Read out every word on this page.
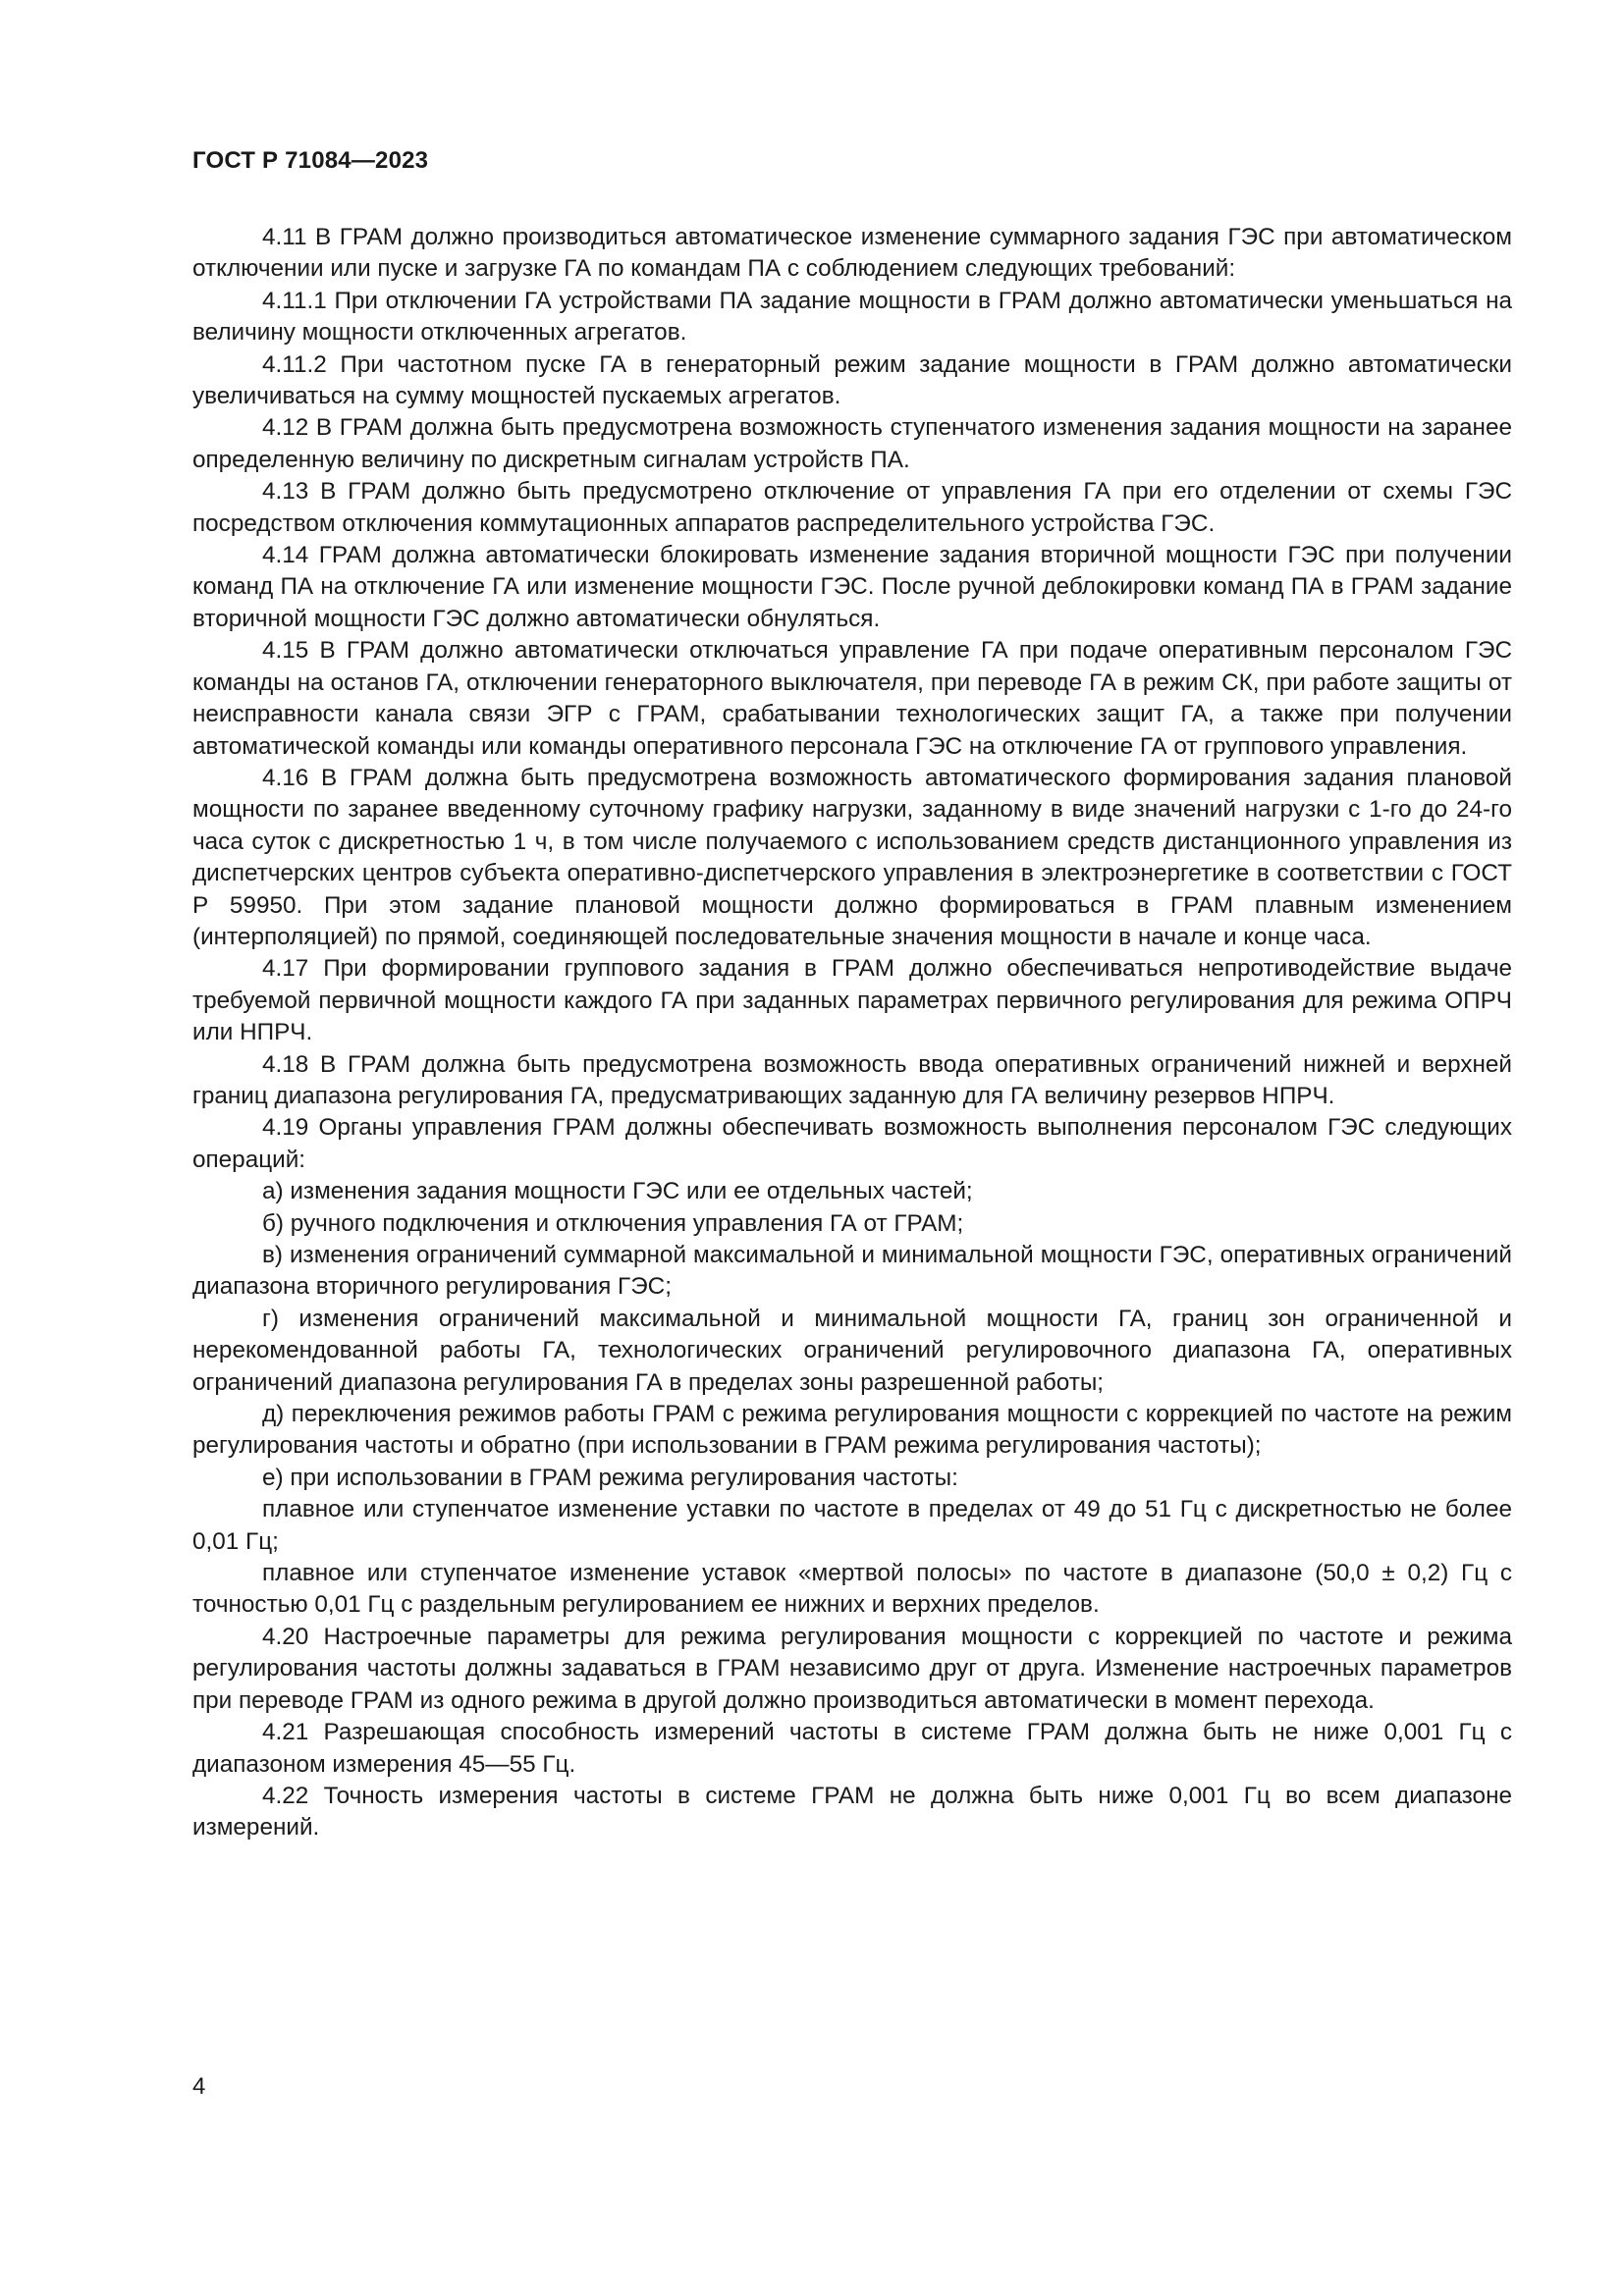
ГОСТ Р 71084—2023

4.11 В ГРАМ должно производиться автоматическое изменение суммарного задания ГЭС при автоматическом отключении или пуске и загрузке ГА по командам ПА с соблюдением следующих требований:

4.11.1 При отключении ГА устройствами ПА задание мощности в ГРАМ должно автоматически уменьшаться на величину мощности отключенных агрегатов.

4.11.2 При частотном пуске ГА в генераторный режим задание мощности в ГРАМ должно автоматически увеличиваться на сумму мощностей пускаемых агрегатов.

4.12 В ГРАМ должна быть предусмотрена возможность ступенчатого изменения задания мощности на заранее определенную величину по дискретным сигналам устройств ПА.

4.13 В ГРАМ должно быть предусмотрено отключение от управления ГА при его отделении от схемы ГЭС посредством отключения коммутационных аппаратов распределительного устройства ГЭС.

4.14 ГРАМ должна автоматически блокировать изменение задания вторичной мощности ГЭС при получении команд ПА на отключение ГА или изменение мощности ГЭС. После ручной деблокировки команд ПА в ГРАМ задание вторичной мощности ГЭС должно автоматически обнуляться.

4.15 В ГРАМ должно автоматически отключаться управление ГА при подаче оперативным персоналом ГЭС команды на останов ГА, отключении генераторного выключателя, при переводе ГА в режим СК, при работе защиты от неисправности канала связи ЭГР с ГРАМ, срабатывании технологических защит ГА, а также при получении автоматической команды или команды оперативного персонала ГЭС на отключение ГА от группового управления.

4.16 В ГРАМ должна быть предусмотрена возможность автоматического формирования задания плановой мощности по заранее введенному суточному графику нагрузки, заданному в виде значений нагрузки с 1-го до 24-го часа суток с дискретностью 1 ч, в том числе получаемого с использованием средств дистанционного управления из диспетчерских центров субъекта оперативно-диспетчерского управления в электроэнергетике в соответствии с ГОСТ Р 59950. При этом задание плановой мощности должно формироваться в ГРАМ плавным изменением (интерполяцией) по прямой, соединяющей последовательные значения мощности в начале и конце часа.

4.17 При формировании группового задания в ГРАМ должно обеспечиваться непротиводействие выдаче требуемой первичной мощности каждого ГА при заданных параметрах первичного регулирования для режима ОПРЧ или НПРЧ.

4.18 В ГРАМ должна быть предусмотрена возможность ввода оперативных ограничений нижней и верхней границ диапазона регулирования ГА, предусматривающих заданную для ГА величину резервов НПРЧ.

4.19 Органы управления ГРАМ должны обеспечивать возможность выполнения персоналом ГЭС следующих операций:

а) изменения задания мощности ГЭС или ее отдельных частей;

б) ручного подключения и отключения управления ГА от ГРАМ;

в) изменения ограничений суммарной максимальной и минимальной мощности ГЭС, оперативных ограничений диапазона вторичного регулирования ГЭС;

г) изменения ограничений максимальной и минимальной мощности ГА, границ зон ограниченной и нерекомендованной работы ГА, технологических ограничений регулировочного диапазона ГА, оперативных ограничений диапазона регулирования ГА в пределах зоны разрешенной работы;

д) переключения режимов работы ГРАМ с режима регулирования мощности с коррекцией по частоте на режим регулирования частоты и обратно (при использовании в ГРАМ режима регулирования частоты);

е) при использовании в ГРАМ режима регулирования частоты:

плавное или ступенчатое изменение уставки по частоте в пределах от 49 до 51 Гц с дискретностью не более 0,01 Гц;

плавное или ступенчатое изменение уставок «мертвой полосы» по частоте в диапазоне (50,0 ± 0,2) Гц с точностью 0,01 Гц с раздельным регулированием ее нижних и верхних пределов.

4.20 Настроечные параметры для режима регулирования мощности с коррекцией по частоте и режима регулирования частоты должны задаваться в ГРАМ независимо друг от друга. Изменение настроечных параметров при переводе ГРАМ из одного режима в другой должно производиться автоматически в момент перехода.

4.21 Разрешающая способность измерений частоты в системе ГРАМ должна быть не ниже 0,001 Гц с диапазоном измерения 45—55 Гц.

4.22 Точность измерения частоты в системе ГРАМ не должна быть ниже 0,001 Гц во всем диапазоне измерений.

4
